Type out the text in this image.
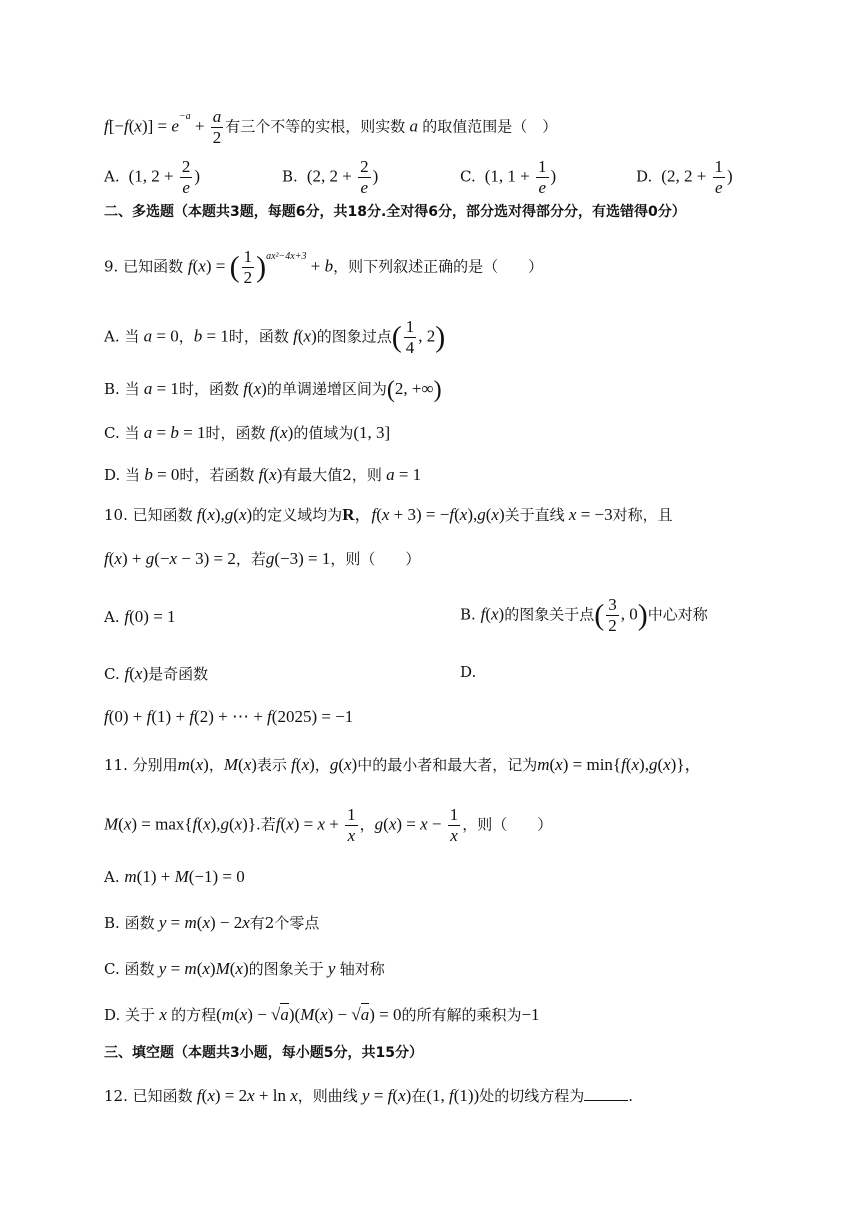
$f[-f(x)] = e^{-a} + \frac{a}{2}$ 有三个不等的实根，则实数 a 的取值范围是（　）
A.  (1, $2 + \frac{2}{e}$ )	B.  (2, $2 + \frac{2}{e}$ )	C.  (1, $1 + \frac{1}{e}$ )	D.  (2, $2 + \frac{1}{e}$ )
二、多选题（本题共3题，每题6分，共18分.全对得6分，部分选对得部分分，有选错得0分）
9. 已知函数 f(x) = ( $\frac{1}{2} )^{ax^2-4x+3} + b$，则下列叙述正确的是（　　）
A. 当 a = 0，b = 1时，函数 f(x)的图象过点( $\frac{1}{4}$ , 2)
B. 当 a = 1时，函数 f(x)的单调递增区间为(2, +∞)
C. 当 a = b = 1时，函数 f(x)的值域为(1, 3]
D. 当 b = 0时，若函数 f(x)有最大值2，则 a = 1
10. 已知函数 f(x),g(x)的定义域均为R，f(x + 3) = −f(x),g(x)关于直线 x = −3对称，且
f(x) + g(−x − 3) = 2，若g(−3) = 1，则（　　）
A. f(0) = 1	B. f(x)的图象关于点( $\frac{3}{2}$ , 0)中心对称
C. f(x)是奇函数	D.
f(0) + f(1) + f(2) + ⋯ + f(2025) = −1
11. 分别用m(x)，M(x)表示 f(x)，g(x)中的最小者和最大者，记为m(x) = min{f(x),g(x)}，
M(x) = max{f(x),g(x)}.若$f(x) = x + \frac{1}{x}$ ，$g(x) = x - \frac{1}{x}$ ，则（　　）
A. m(1) + M(−1) = 0
B. 函数 y = m(x) − 2x有2个零点
C. 函数 y = m(x)M(x)的图象关于 y 轴对称
D. 关于 x 的方程(m(x) − √a)(M(x) − √a) = 0的所有解的乘积为−1
三、填空题（本题共3小题，每小题5分，共15分）
12. 已知函数 f(x) = 2x + ln x，则曲线 y = f(x)在(1, f(1))处的切线方程为	.
